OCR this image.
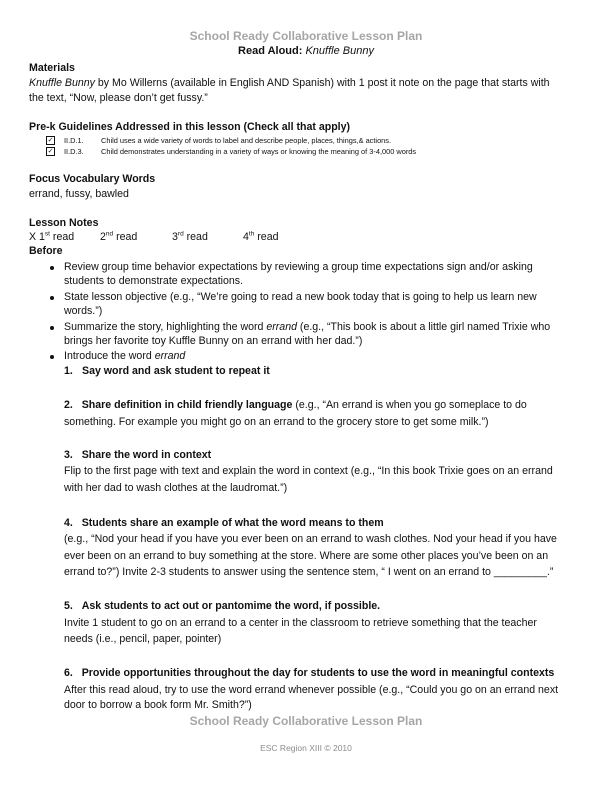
School Ready Collaborative Lesson Plan
Read Aloud: Knuffle Bunny
Materials
Knuffle Bunny by Mo Willerns (available in English AND Spanish) with 1 post it note on the page that starts with
the text, “Now, please don’t get fussy.”
Pre-k Guidelines Addressed in this lesson (Check all that apply)
✓ II.D.1. Child uses a wide variety of words to label and describe people, places, things,& actions.
✓ II.D.3. Child demonstrates understanding in a variety of ways or knowing the meaning of 3-4,000 words
Focus Vocabulary Words
errand, fussy, bawled
Lesson Notes
X 1st read 2nd read	3rd read	4th read
Before
Review group time behavior expectations by reviewing a group time expectations sign and/or asking
students to demonstrate expectations.
State lesson objective (e.g., “We’re going to read a new book today that is going to help us learn new
words.”)
Summarize the story, highlighting the word errand (e.g., “This book is about a little girl named Trixie who
brings her favorite toy Kuffle Bunny on an errand with her dad.”)
Introduce the word errand
1. Say word and ask student to repeat it
2. Share definition in child friendly language (e.g., “An errand is when you go someplace to do
something. For example you might go on an errand to the grocery store to get some milk.”)
3. Share the word in context
Flip to the first page with text and explain the word in context (e.g., “In this book Trixie goes on an errand
with her dad to wash clothes at the laudromat.”)
4. Students share an example of what the word means to them
(e.g., “Nod your head if you have you ever been on an errand to wash clothes. Nod your head if you have
ever been on an errand to buy something at the store. Where are some other places you’ve been on an
errand to?”) Invite 2-3 students to answer using the sentence stem, “ I went on an errand to _________.”
5. Ask students to act out or pantomime the word, if possible.
Invite 1 student to go on an errand to a center in the classroom to retrieve something that the teacher
needs (i.e., pencil, paper, pointer)
6. Provide opportunities throughout the day for students to use the word in meaningful contexts
After this read aloud, try to use the word errand whenever possible (e.g., “Could you go on an errand next
door to borrow a book form Mr. Smith?”)
School Ready Collaborative Lesson Plan
ESC Region XIII © 2010
